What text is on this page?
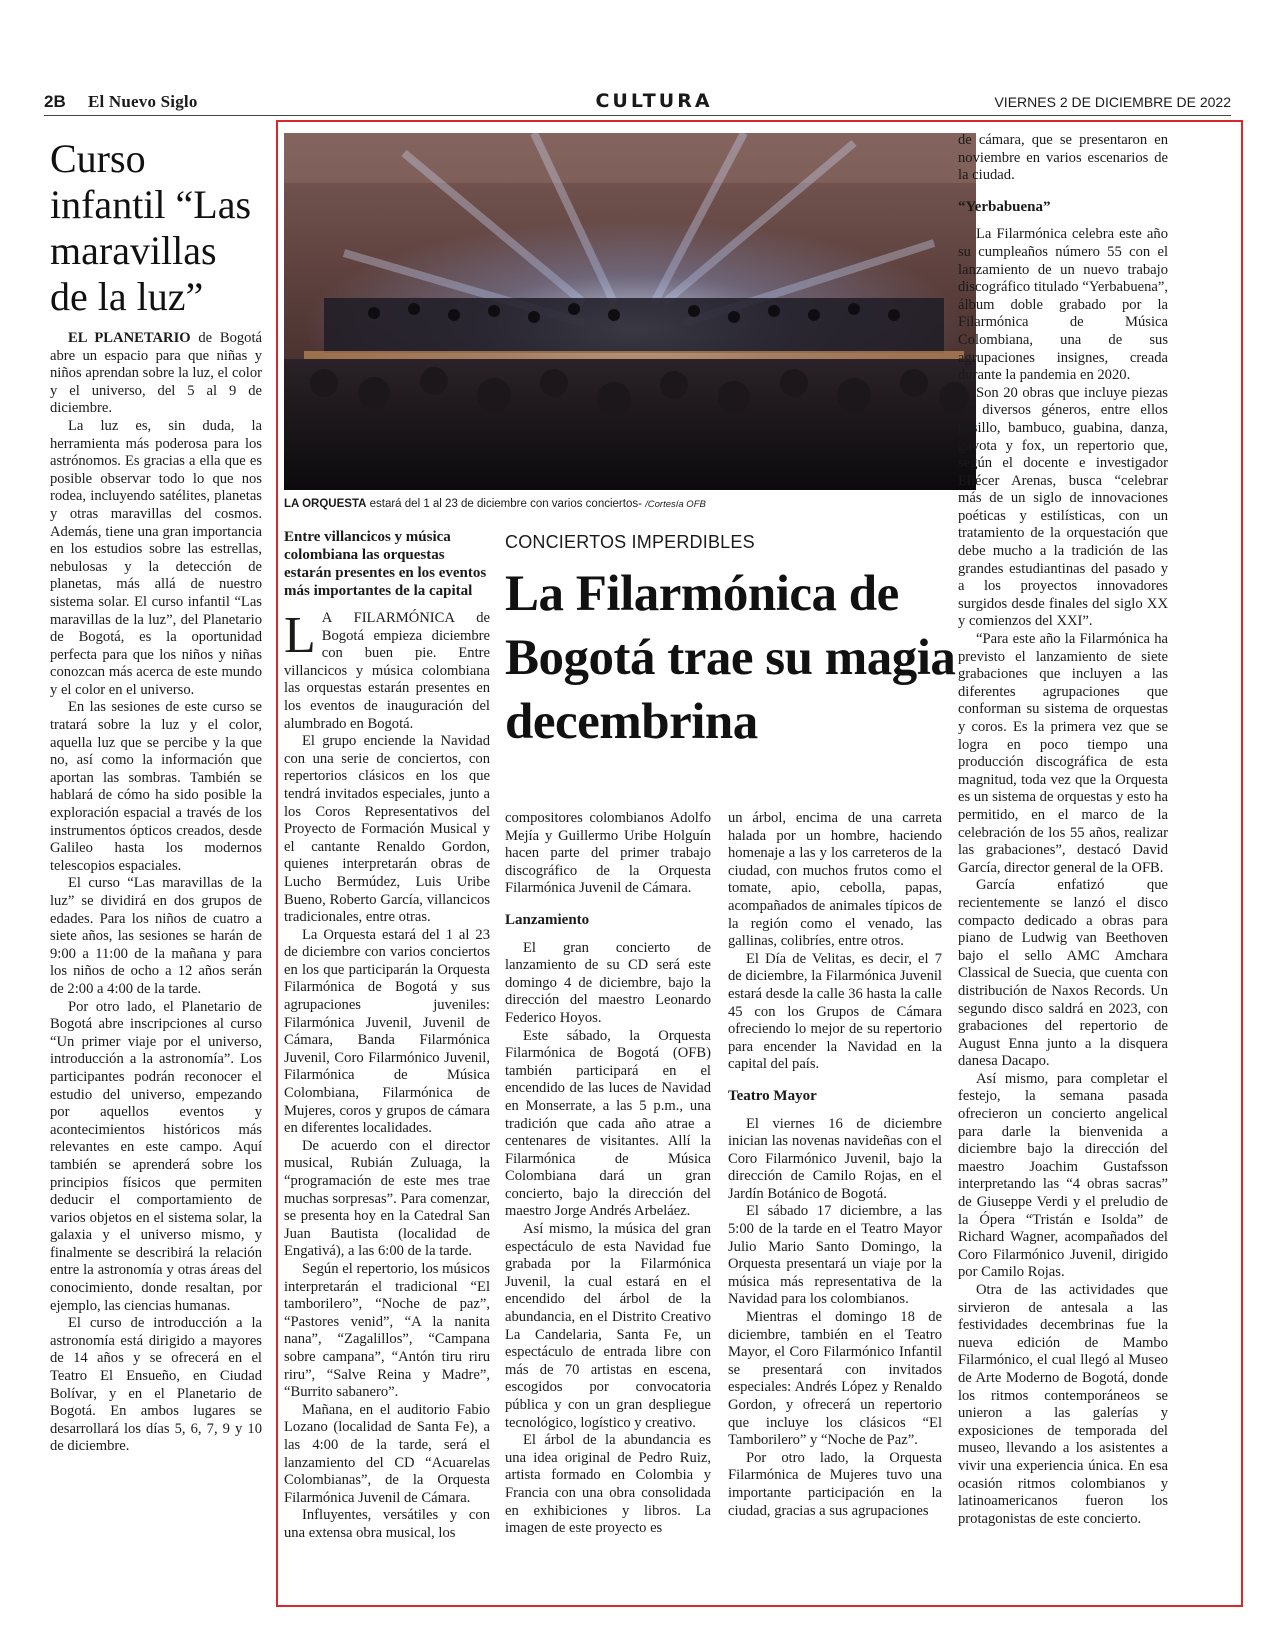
2B El Nuevo Siglo	CULTURA	VIERNES 2 DE DICIEMBRE DE 2022
Curso infantil “Las maravillas de la luz”

EL PLANETARIO de Bogotá abre un espacio para que niñas y niños aprendan sobre la luz, el color y el universo, del 5 al 9 de diciembre.

La luz es, sin duda, la herramienta más poderosa para los astrónomos. Es gracias a ella que es posible observar todo lo que nos rodea, incluyendo satélites, planetas y otras maravillas del cosmos. Además, tiene una gran importancia en los estudios sobre las estrellas, nebulosas y la detección de planetas, más allá de nuestro sistema solar. El curso infantil “Las maravillas de la luz”, del Planetario de Bogotá, es la oportunidad perfecta para que los niños y niñas conozcan más acerca de este mundo y el color en el universo.

En las sesiones de este curso se tratará sobre la luz y el color, aquella luz que se percibe y la que no, así como la información que aportan las sombras. También se hablará de cómo ha sido posible la exploración espacial a través de los instrumentos ópticos creados, desde Galileo hasta los modernos telescopios espaciales.

El curso “Las maravillas de la luz” se dividirá en dos grupos de edades. Para los niños de cuatro a siete años, las sesiones se harán de 9:00 a 11:00 de la mañana y para los niños de ocho a 12 años serán de 2:00 a 4:00 de la tarde.

Por otro lado, el Planetario de Bogotá abre inscripciones al curso “Un primer viaje por el universo, introducción a la astronomía”. Los participantes podrán reconocer el estudio del universo, empezando por aquellos eventos y acontecimientos históricos más relevantes en este campo. Aquí también se aprenderá sobre los principios físicos que permiten deducir el comportamiento de varios objetos en el sistema solar, la galaxia y el universo mismo, y finalmente se describirá la relación entre la astronomía y otras áreas del conocimiento, donde resaltan, por ejemplo, las ciencias humanas.

El curso de introducción a la astronomía está dirigido a mayores de 14 años y se ofrecerá en el Teatro El Ensueño, en Ciudad Bolívar, y en el Planetario de Bogotá. En ambos lugares se desarrollará los días 5, 6, 7, 9 y 10 de diciembre.

LA ORQUESTA estará del 1 al 23 de diciembre con varios conciertos- /Cortesía OFB
Entre villancicos y música colombiana las orquestas estarán presentes en los eventos más importantes de la capital
CONCIERTOS IMPERDIBLES
La Filarmónica de Bogotá trae su magia decembrina

L A FILARMÓNICA de Bogotá empieza diciembre con buen pie. Entre villancicos y música colombiana las orquestas estarán presentes en los eventos de inauguración del alumbrado en Bogotá.

El grupo enciende la Navidad con una serie de conciertos, con repertorios clásicos en los que tendrá invitados especiales, junto a los Coros Representativos del Proyecto de Formación Musical y el cantante Renaldo Gordon, quienes interpretarán obras de Lucho Bermúdez, Luis Uribe Bueno, Roberto García, villancicos tradicionales, entre otras.

La Orquesta estará del 1 al 23 de diciembre con varios conciertos en los que participarán la Orquesta Filarmónica de Bogotá y sus agrupaciones juveniles: Filarmónica Juvenil, Juvenil de Cámara, Banda Filarmónica Juvenil, Coro Filarmónico Juvenil, Filarmónica de Música Colombiana, Filarmónica de Mujeres, coros y grupos de cámara en diferentes localidades.

De acuerdo con el director musical, Rubián Zuluaga, la “programación de este mes trae muchas sorpresas”. Para comenzar, se presenta hoy en la Catedral San Juan Bautista (localidad de Engativá), a las 6:00 de la tarde.

Según el repertorio, los músicos interpretarán el tradicional “El tamborilero”, “Noche de paz”, “Pastores venid”, “A la nanita nana”, “Zagalillos”, “Campana sobre campana”, “Antón tiru riru riru”, “Salve Reina y Madre”, “Burrito sabanero”.

Mañana, en el auditorio Fabio Lozano (localidad de Santa Fe), a las 4:00 de la tarde, será el lanzamiento del CD “Acuarelas Colombianas”, de la Orquesta Filarmónica Juvenil de Cámara.

Influyentes, versátiles y con una extensa obra musical, los

compositores colombianos Adolfo Mejía y Guillermo Uribe Holguín hacen parte del primer trabajo discográfico de la Orquesta Filarmónica Juvenil de Cámara.

Lanzamiento

El gran concierto de lanzamiento de su CD será este domingo 4 de diciembre, bajo la dirección del maestro Leonardo Federico Hoyos.

Este sábado, la Orquesta Filarmónica de Bogotá (OFB) también participará en el encendido de las luces de Navidad en Monserrate, a las 5 p.m., una tradición que cada año atrae a centenares de visitantes. Allí la Filarmónica de Música Colombiana dará un gran concierto, bajo la dirección del maestro Jorge Andrés Arbeláez.

Así mismo, la música del gran espectáculo de esta Navidad fue grabada por la Filarmónica Juvenil, la cual estará en el encendido del árbol de la abundancia, en el Distrito Creativo La Candelaria, Santa Fe, un espectáculo de entrada libre con más de 70 artistas en escena, escogidos por convocatoria pública y con un gran despliegue tecnológico, logístico y creativo.

El árbol de la abundancia es una idea original de Pedro Ruiz, artista formado en Colombia y Francia con una obra consolidada en exhibiciones y libros. La imagen de este proyecto es

un árbol, encima de una carreta halada por un hombre, haciendo homenaje a las y los carreteros de la ciudad, con muchos frutos como el tomate, apio, cebolla, papas, acompañados de animales típicos de la región como el venado, las gallinas, colibríes, entre otros.

El Día de Velitas, es decir, el 7 de diciembre, la Filarmónica Juvenil estará desde la calle 36 hasta la calle 45 con los Grupos de Cámara ofreciendo lo mejor de su repertorio para encender la Navidad en la capital del país.

Teatro Mayor

El viernes 16 de diciembre inician las novenas navideñas con el Coro Filarmónico Juvenil, bajo la dirección de Camilo Rojas, en el Jardín Botánico de Bogotá.

El sábado 17 diciembre, a las 5:00 de la tarde en el Teatro Mayor Julio Mario Santo Domingo, la Orquesta presentará un viaje por la música más representativa de la Navidad para los colombianos.

Mientras el domingo 18 de diciembre, también en el Teatro Mayor, el Coro Filarmónico Infantil se presentará con invitados especiales: Andrés López y Renaldo Gordon, y ofrecerá un repertorio que incluye los clásicos “El Tamborilero” y “Noche de Paz”.

Por otro lado, la Orquesta Filarmónica de Mujeres tuvo una importante participación en la ciudad, gracias a sus agrupaciones

de cámara, que se presentaron en noviembre en varios escenarios de la ciudad.

“Yerbabuena”

La Filarmónica celebra este año su cumpleaños número 55 con el lanzamiento de un nuevo trabajo discográfico titulado “Yerbabuena”, álbum doble grabado por la Filarmónica de Música Colombiana, una de sus agrupaciones insignes, creada durante la pandemia en 2020.

Son 20 obras que incluye piezas en diversos géneros, entre ellos pasillo, bambuco, guabina, danza, gavota y fox, un repertorio que, según el docente e investigador Eliécer Arenas, busca “celebrar más de un siglo de innovaciones poéticas y estilísticas, con un tratamiento de la orquestación que debe mucho a la tradición de las grandes estudiantinas del pasado y a los proyectos innovadores surgidos desde finales del siglo XX y comienzos del XXI”.

“Para este año la Filarmónica ha previsto el lanzamiento de siete grabaciones que incluyen a las diferentes agrupaciones que conforman su sistema de orquestas y coros. Es la primera vez que se logra en poco tiempo una producción discográfica de esta magnitud, toda vez que la Orquesta es un sistema de orquestas y esto ha permitido, en el marco de la celebración de los 55 años, realizar las grabaciones”, destacó David García, director general de la OFB.

García enfatizó que recientemente se lanzó el disco compacto dedicado a obras para piano de Ludwig van Beethoven bajo el sello AMC Amchara Classical de Suecia, que cuenta con distribución de Naxos Records. Un segundo disco saldrá en 2023, con grabaciones del repertorio de August Enna junto a la disquera danesa Dacapo.

Así mismo, para completar el festejo, la semana pasada ofrecieron un concierto angelical para darle la bienvenida a diciembre bajo la dirección del maestro Joachim Gustafsson interpretando las “4 obras sacras” de Giuseppe Verdi y el preludio de la Ópera “Tristán e Isolda” de Richard Wagner, acompañados del Coro Filarmónico Juvenil, dirigido por Camilo Rojas.

Otra de las actividades que sirvieron de antesala a las festividades decembrinas fue la nueva edición de Mambo Filarmónico, el cual llegó al Museo de Arte Moderno de Bogotá, donde los ritmos contemporáneos se unieron a las galerías y exposiciones de temporada del museo, llevando a los asistentes a vivir una experiencia única. En esa ocasión ritmos colombianos y latinoamericanos fueron los protagonistas de este concierto.
